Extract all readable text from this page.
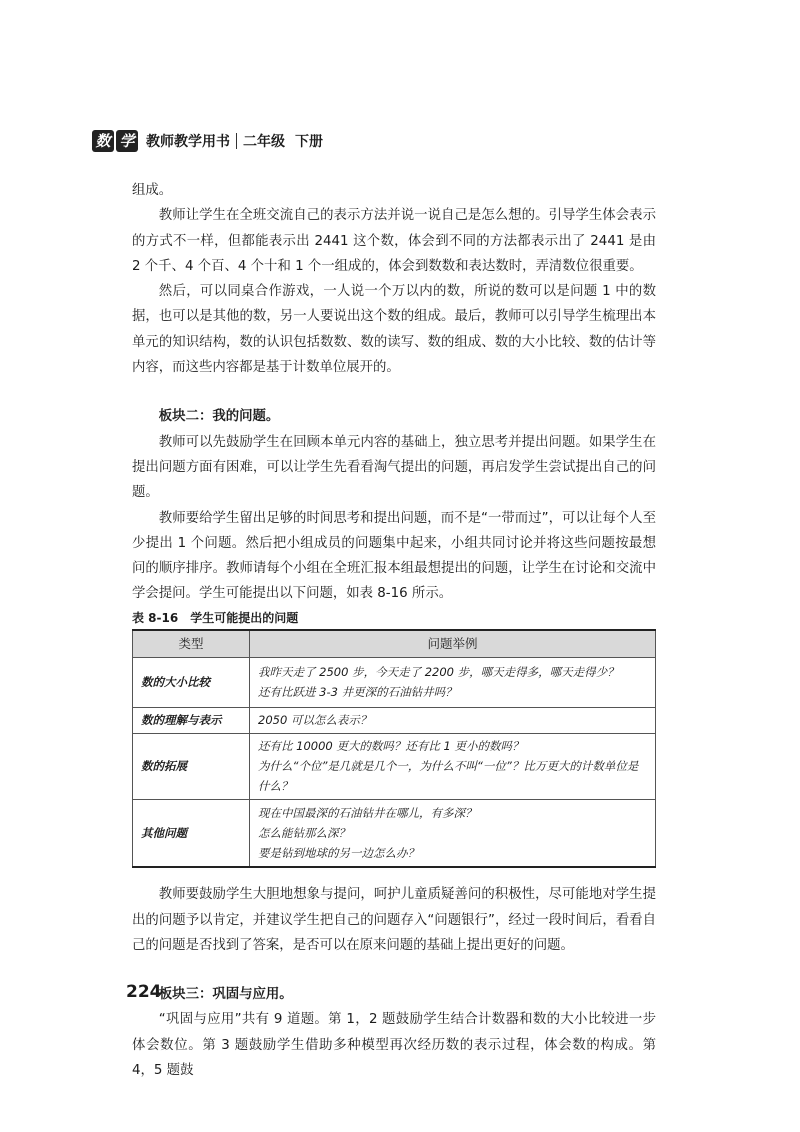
数 学 教师教学用书 二年级 下册

组成。

教师让学生在全班交流自己的表示方法并说一说自己是怎么想的。引导学生体会表示的方式不一样，但都能表示出 2441 这个数，体会到不同的方法都表示出了 2441 是由 2 个千、4 个百、4 个十和 1 个一组成的，体会到数数和表达数时，弄清数位很重要。

然后，可以同桌合作游戏，一人说一个万以内的数，所说的数可以是问题 1 中的数据，也可以是其他的数，另一人要说出这个数的组成。最后，教师可以引导学生梳理出本单元的知识结构，数的认识包括数数、数的读写、数的组成、数的大小比较、数的估计等内容，而这些内容都是基于计数单位展开的。

板块二：我的问题。

教师可以先鼓励学生在回顾本单元内容的基础上，独立思考并提出问题。如果学生在提出问题方面有困难，可以让学生先看看淘气提出的问题，再启发学生尝试提出自己的问题。

教师要给学生留出足够的时间思考和提出问题，而不是“一带而过”，可以让每个人至少提出 1 个问题。然后把小组成员的问题集中起来，小组共同讨论并将这些问题按最想问的顺序排序。教师请每个小组在全班汇报本组最想提出的问题，让学生在讨论和交流中学会提问。学生可能提出以下问题，如表 8-16 所示。

表 8-16　学生可能提出的问题

类型	问题举例
数的大小比较	我昨天走了 2500 步，今天走了 2200 步，哪天走得多，哪天走得少？
还有比跃进 3-3 井更深的石油钻井吗？

数的理解与表示	2050 可以怎么表示？

数的拓展	还有比 10000 更大的数吗？还有比 1 更小的数吗？
为什么“个位”是几就是几个一，为什么不叫“一位”？比万更大的计数单位是什么？

其他问题	现在中国最深的石油钻井在哪儿，有多深？
怎么能钻那么深？
要是钻到地球的另一边怎么办？

教师要鼓励学生大胆地想象与提问，呵护儿童质疑善问的积极性，尽可能地对学生提出的问题予以肯定，并建议学生把自己的问题存入“问题银行”，经过一段时间后，看看自己的问题是否找到了答案，是否可以在原来问题的基础上提出更好的问题。

板块三：巩固与应用。

“巩固与应用”共有 9 道题。第 1，2 题鼓励学生结合计数器和数的大小比较进一步体会数位。第 3 题鼓励学生借助多种模型再次经历数的表示过程，体会数的构成。第 4，5 题鼓

224
